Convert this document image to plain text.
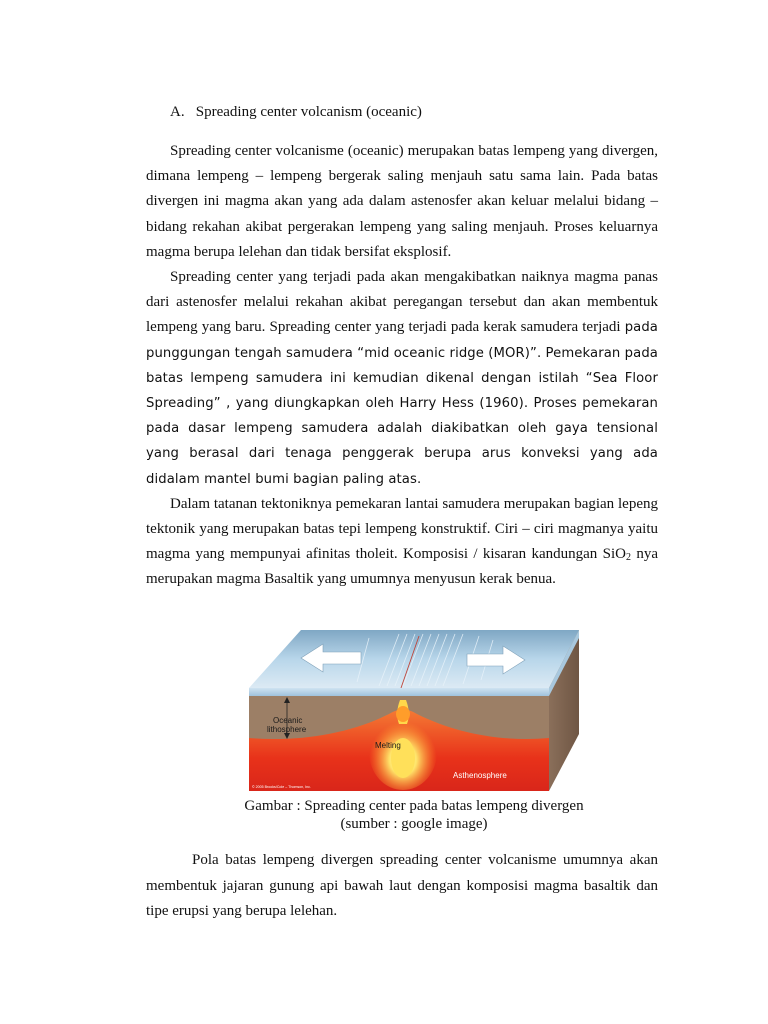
A. Spreading center volcanism (oceanic)

Spreading center volcanisme (oceanic) merupakan batas lempeng yang divergen, dimana lempeng – lempeng bergerak saling menjauh satu sama lain. Pada batas divergen ini magma akan yang ada dalam astenosfer akan keluar melalui bidang – bidang rekahan akibat pergerakan lempeng yang saling menjauh. Proses keluarnya magma berupa lelehan dan tidak bersifat eksplosif.

Spreading center yang terjadi pada akan mengakibatkan naiknya magma panas dari astenosfer melalui rekahan akibat peregangan tersebut dan akan membentuk lempeng yang baru. Spreading center yang terjadi pada kerak samudera terjadi pada punggungan tengah samudera “mid oceanic ridge (MOR)”. Pemekaran pada batas lempeng samudera ini kemudian dikenal dengan istilah “Sea Floor Spreading” , yang diungkapkan oleh Harry Hess (1960). Proses pemekaran pada dasar lempeng samudera adalah diakibatkan oleh gaya tensional yang berasal dari tenaga penggerak berupa arus konveksi yang ada didalam mantel bumi bagian paling atas.

Dalam tatanan tektoniknya pemekaran lantai samudera merupakan bagian lepeng tektonik yang merupakan batas tepi lempeng konstruktif. Ciri – ciri magmanya yaitu magma yang mempunyai afinitas tholeit. Komposisi / kisaran kandungan SiO$_2$ nya merupakan magma Basaltik yang umumnya menyusun kerak benua.

Oceanic
lithosphere
Melting
Asthenosphere
© 2005 Brooks/Cole – Thomson, Inc.
Gambar : Spreading center pada batas lempeng divergen
(sumber : google image)

Pola batas lempeng divergen spreading center volcanisme umumnya akan membentuk jajaran gunung api bawah laut dengan komposisi magma basaltik dan tipe erupsi yang berupa lelehan.
